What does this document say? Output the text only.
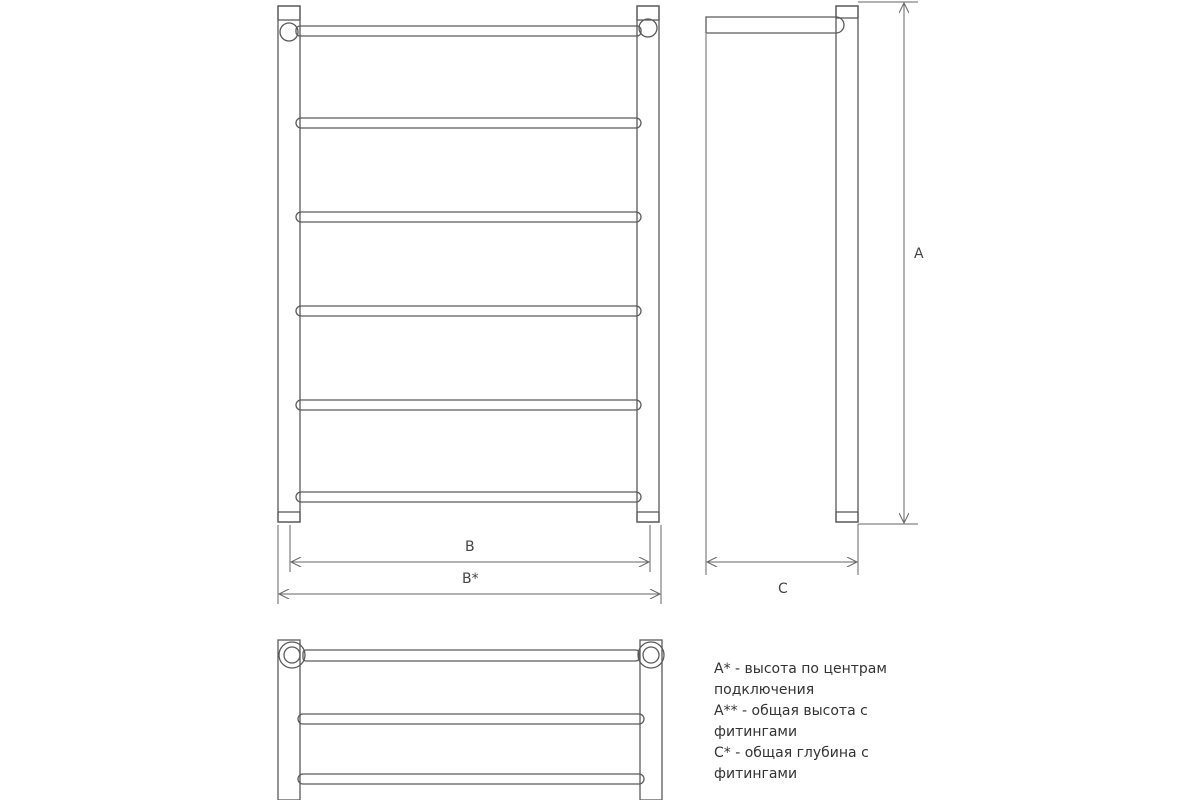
B
B*
C
A
A* - высота по центрам
подключения
A** - общая высота с
фитингами
C* - общая глубина с
фитингами
